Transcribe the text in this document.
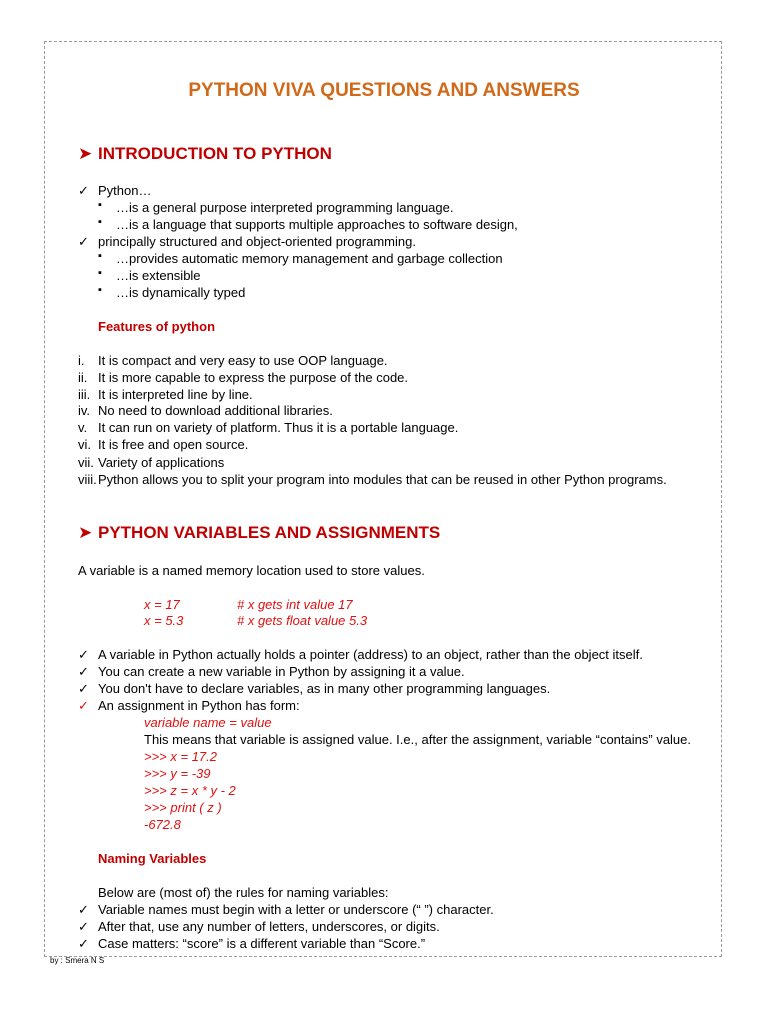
PYTHON VIVA QUESTIONS AND ANSWERS
➤ INTRODUCTION TO PYTHON
✓ Python…
▪ …is a general purpose interpreted programming language.
▪ …is a language that supports multiple approaches to software design,
✓ principally structured and object-oriented programming.
▪ …provides automatic memory management and garbage collection
▪ …is extensible
▪ …is dynamically typed
Features of python
i. It is compact and very easy to use OOP language.
ii. It is more capable to express the purpose of the code.
iii. It is interpreted line by line.
iv. No need to download additional libraries.
v. It can run on variety of platform. Thus it is a portable language.
vi. It is free and open source.
vii. Variety of applications
viii.Python allows you to split your program into modules that can be reused in other Python programs.
➤ PYTHON VARIABLES AND ASSIGNMENTS
A variable is a named memory location used to store values.
x = 17	# x gets int value 17
x = 5.3	# x gets float value 5.3
✓ A variable in Python actually holds a pointer (address) to an object, rather than the object itself.
✓ You can create a new variable in Python by assigning it a value.
✓ You don't have to declare variables, as in many other programming languages.
✓ An assignment in Python has form:
variable name = value
This means that variable is assigned value. I.e., after the assignment, variable “contains” value.
>>> x = 17.2
>>> y = -39
>>> z = x * y - 2
>>> print ( z )
-672.8
Naming Variables
Below are (most of) the rules for naming variables:
✓ Variable names must begin with a letter or underscore (“ ”) character.
✓ After that, use any number of letters, underscores, or digits.
✓ Case matters: “score” is a different variable than “Score.”
by : Smera N S
